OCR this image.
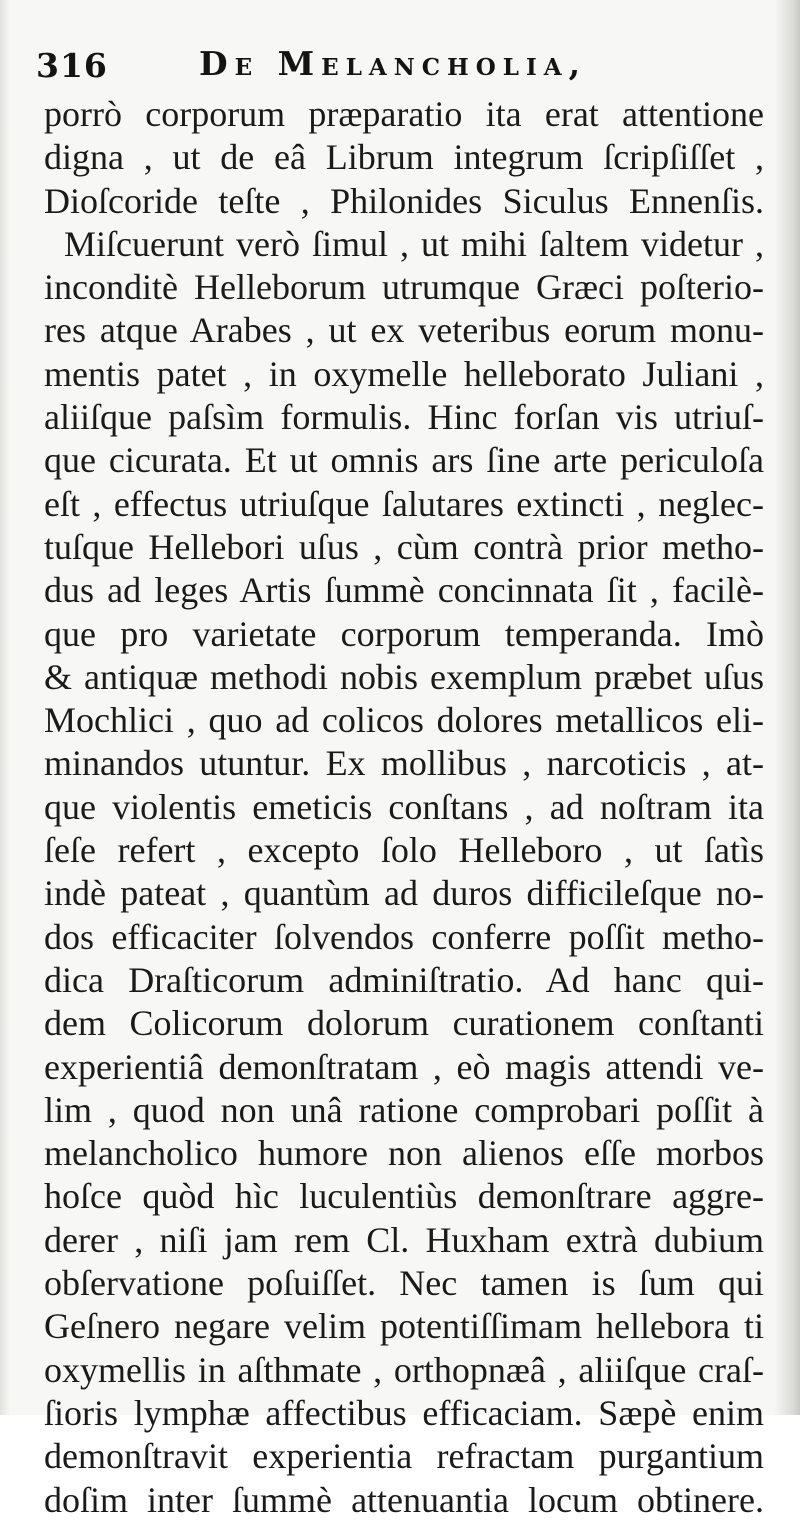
316	De Melancholia,
porrò corporum præparatio ita erat attentione
digna , ut de eâ Librum integrum ſcripſiſſet ,
Dioſcoride teſte , Philonides Siculus Ennenſis.
Miſcuerunt verò ſimul , ut mihi ſaltem videtur ,
inconditè Helleborum utrumque Græci poſterio-
res atque Arabes , ut ex veteribus eorum monu-
mentis patet , in oxymelle helleborato Juliani ,
aliiſque paſsìm formulis. Hinc forſan vis utriuſ-
que cicurata. Et ut omnis ars ſine arte periculoſa
eſt , effectus utriuſque ſalutares extincti , neglec-
tuſque Hellebori uſus , cùm contrà prior metho-
dus ad leges Artis ſummè concinnata ſit , facilè-
que pro varietate corporum temperanda. Imò
& antiquæ methodi nobis exemplum præbet uſus
Mochlici , quo ad colicos dolores metallicos eli-
minandos utuntur. Ex mollibus , narcoticis , at-
que violentis emeticis conſtans , ad noſtram ita
ſeſe refert , excepto ſolo Helleboro , ut ſatìs
indè pateat , quantùm ad duros difficileſque no-
dos efficaciter ſolvendos conferre poſſit metho-
dica Draſticorum adminiſtratio. Ad hanc qui-
dem Colicorum dolorum curationem conſtanti
experientiâ demonſtratam , eò magis attendi ve-
lim , quod non unâ ratione comprobari poſſit à
melancholico humore non alienos eſſe morbos
hoſce quòd hìc luculentiùs demonſtrare aggre-
derer , niſi jam rem Cl. Huxham extrà dubium
obſervatione poſuiſſet. Nec tamen is ſum qui
Geſnero negare velim potentiſſimam hellebora ti
oxymellis in aſthmate , orthopnæâ , aliiſque craſ-
ſioris lymphæ affectibus efficaciam. Sæpè enim
demonſtravit experientia refractam purgantium
doſim inter ſummè attenuantia locum obtinere.
